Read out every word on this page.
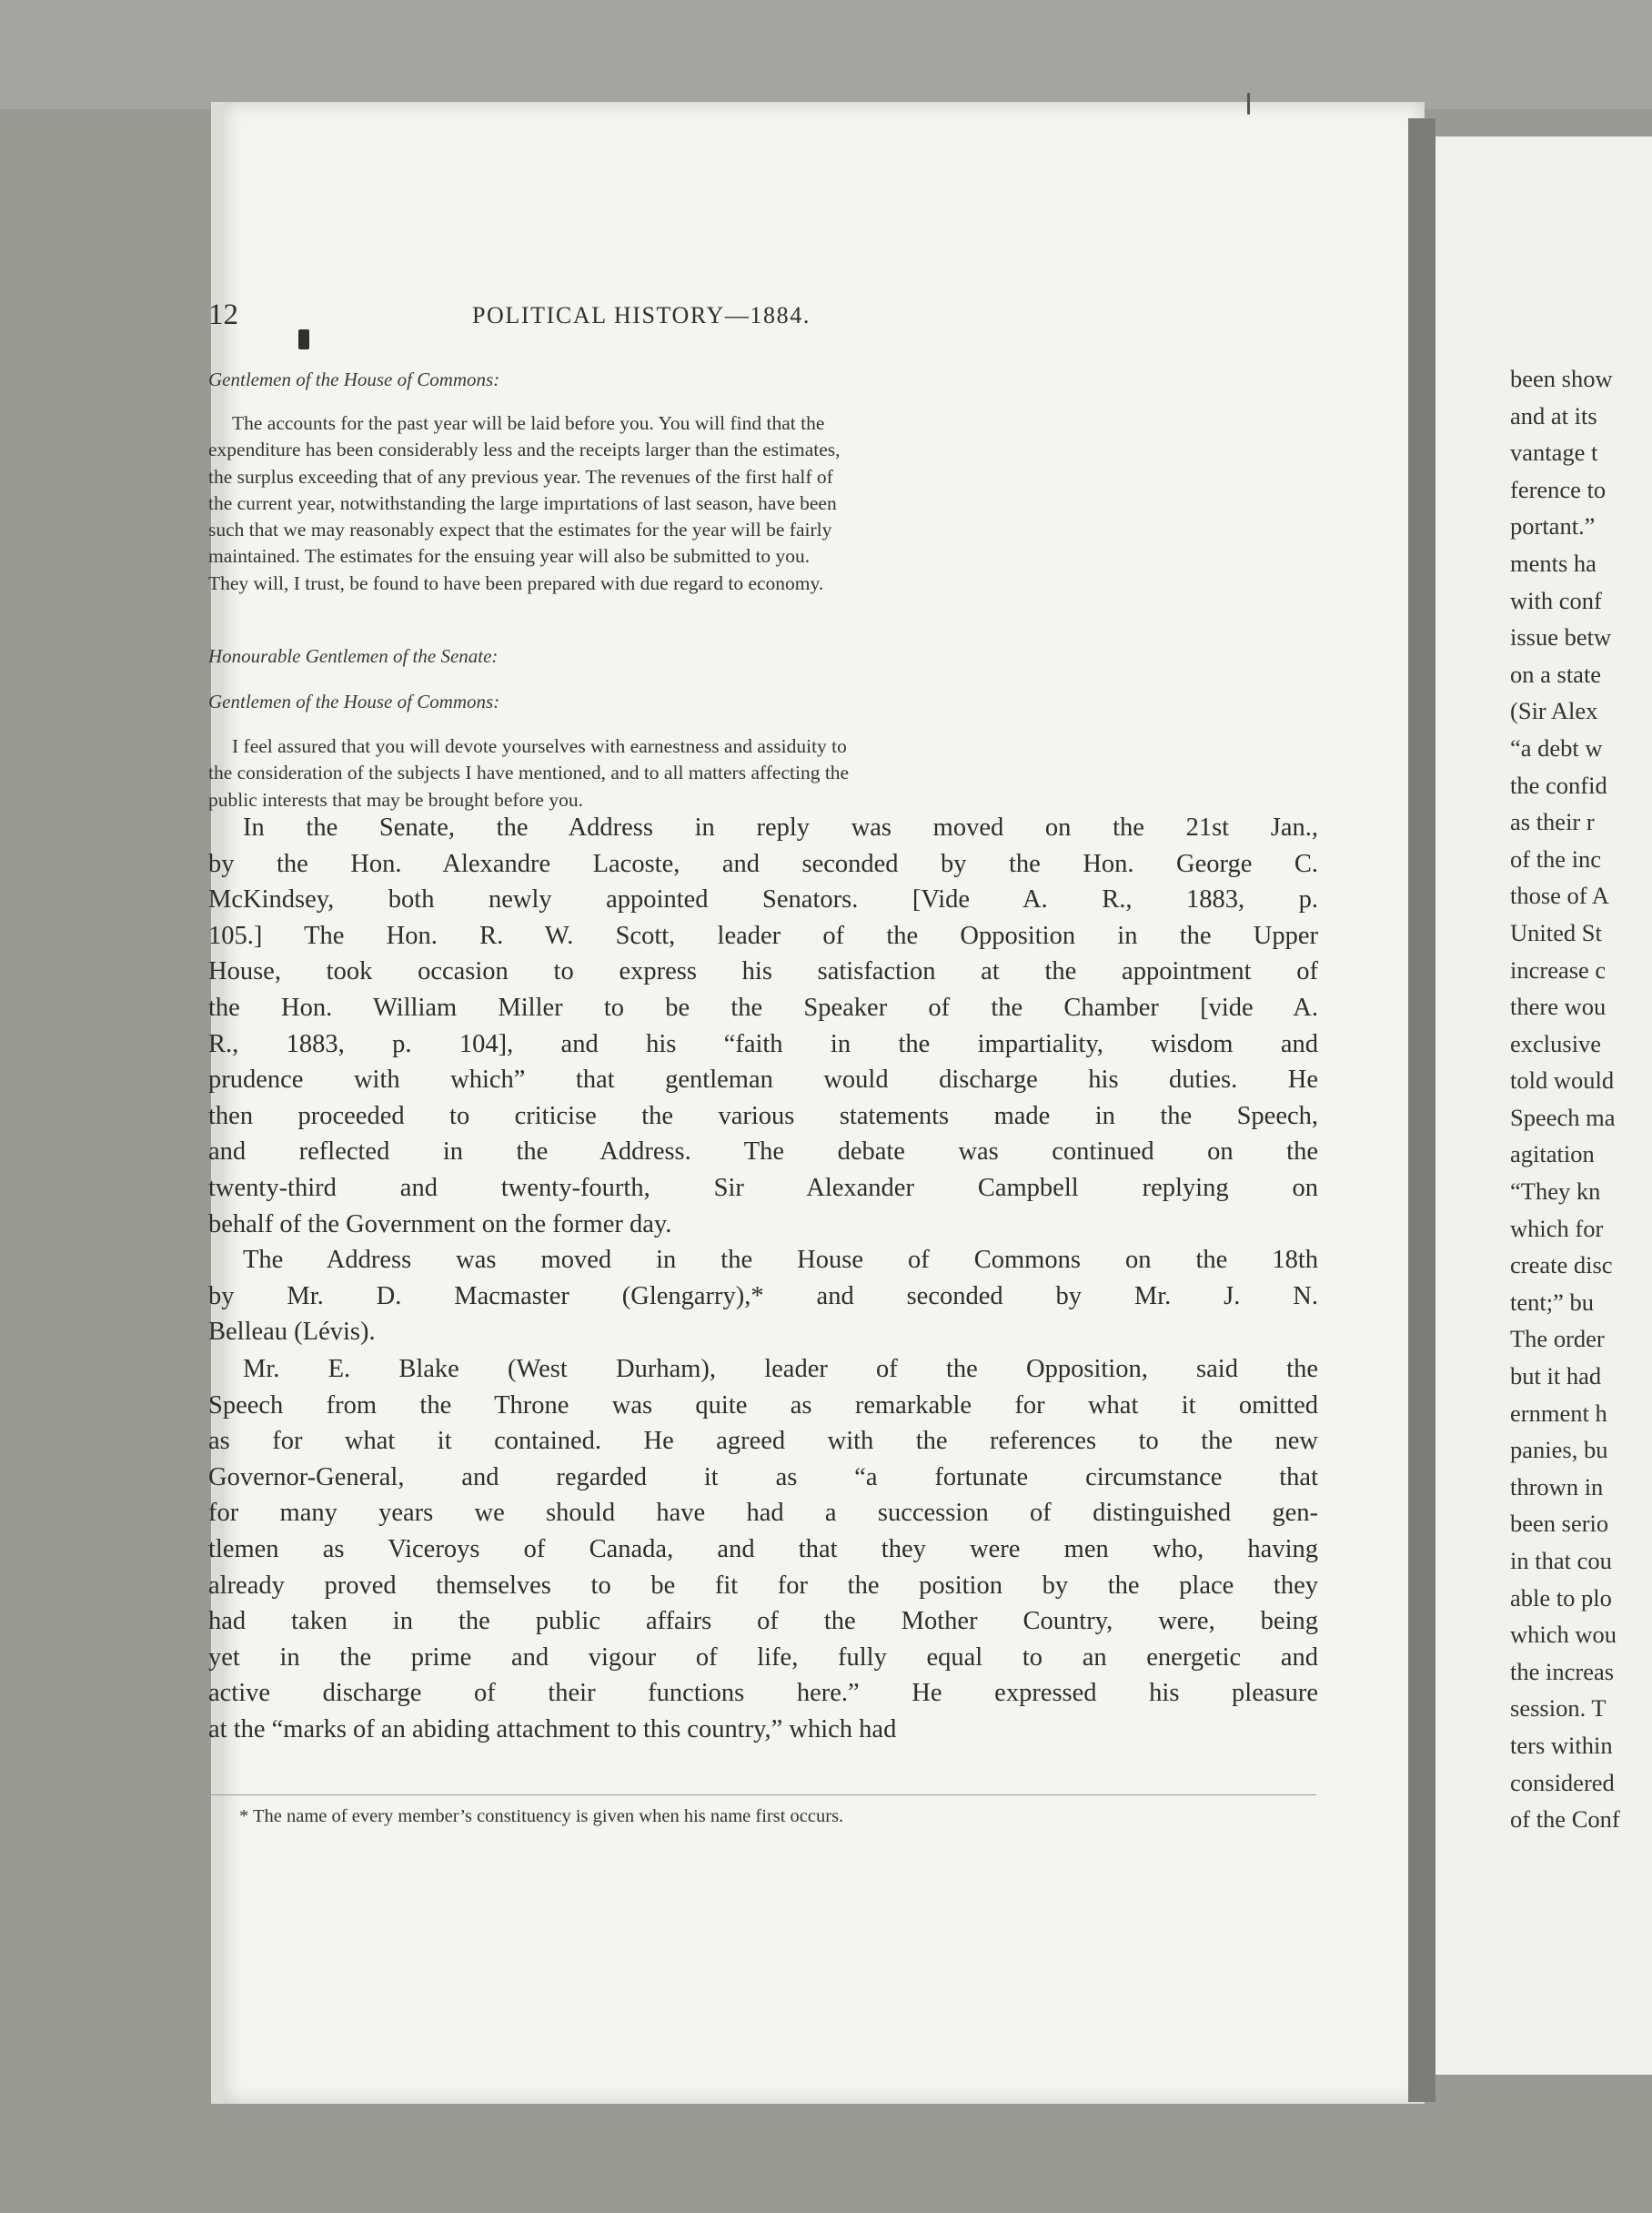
been show
and at its
vantage t
ference to
portant.”
ments ha
with conf
issue betw
on a state
(Sir Alex
“a debt w
the confid
as their r
of the inc
those of A
United St
increase c
there wou
exclusive
told would
Speech ma
agitation
“They kn
which for
create disc
tent;” bu
The order
but it had
ernment h
panies, bu
thrown in
been serio
in that cou
able to plo
which wou
the increas
session. T
ters within
considered
of the Conf
12	POLITICAL HISTORY—1884.
Gentlemen of the House of Commons:
The accounts for the past year will be laid before you. You will find that the
expenditure has been considerably less and the receipts larger than the estimates,
the surplus exceeding that of any previous year. The revenues of the first half of
the current year, notwithstanding the large impırtations of last season, have been
such that we may reasonably expect that the estimates for the year will be fairly
maintained. The estimates for the ensuing year will also be submitted to you.
They will, I trust, be found to have been prepared with due regard to economy.
Honourable Gentlemen of the Senate:
Gentlemen of the House of Commons:
I feel assured that you will devote yourselves with earnestness and assiduity to
the consideration of the subjects I have mentioned, and to all matters affecting the
public interests that may be brought before you.
In the Senate, the Address in reply was moved on the 21st Jan.,
by the Hon. Alexandre Lacoste, and seconded by the Hon. George C.
McKindsey, both newly appointed Senators. [Vide A. R., 1883, p.
105.] The Hon. R. W. Scott, leader of the Opposition in the Upper
House, took occasion to express his satisfaction at the appointment of
the Hon. William Miller to be the Speaker of the Chamber [vide A.
R., 1883, p. 104], and his “faith in the impartiality, wisdom and
prudence with which” that gentleman would discharge his duties. He
then proceeded to criticise the various statements made in the Speech,
and reflected in the Address. The debate was continued on the
twenty-third and twenty-fourth, Sir Alexander Campbell replying on
behalf of the Government on the former day.
The Address was moved in the House of Commons on the 18th
by Mr. D. Macmaster (Glengarry),* and seconded by Mr. J. N.
Belleau (Lévis).
Mr. E. Blake (West Durham), leader of the Opposition, said the
Speech from the Throne was quite as remarkable for what it omitted
as for what it contained. He agreed with the references to the new
Governor-General, and regarded it as “a fortunate circumstance that
for many years we should have had a succession of distinguished gen-
tlemen as Viceroys of Canada, and that they were men who, having
already proved themselves to be fit for the position by the place they
had taken in the public affairs of the Mother Country, were, being
yet in the prime and vigour of life, fully equal to an energetic and
active discharge of their functions here.” He expressed his pleasure
at the “marks of an abiding attachment to this country,” which had
* The name of every member’s constituency is given when his name first occurs.
